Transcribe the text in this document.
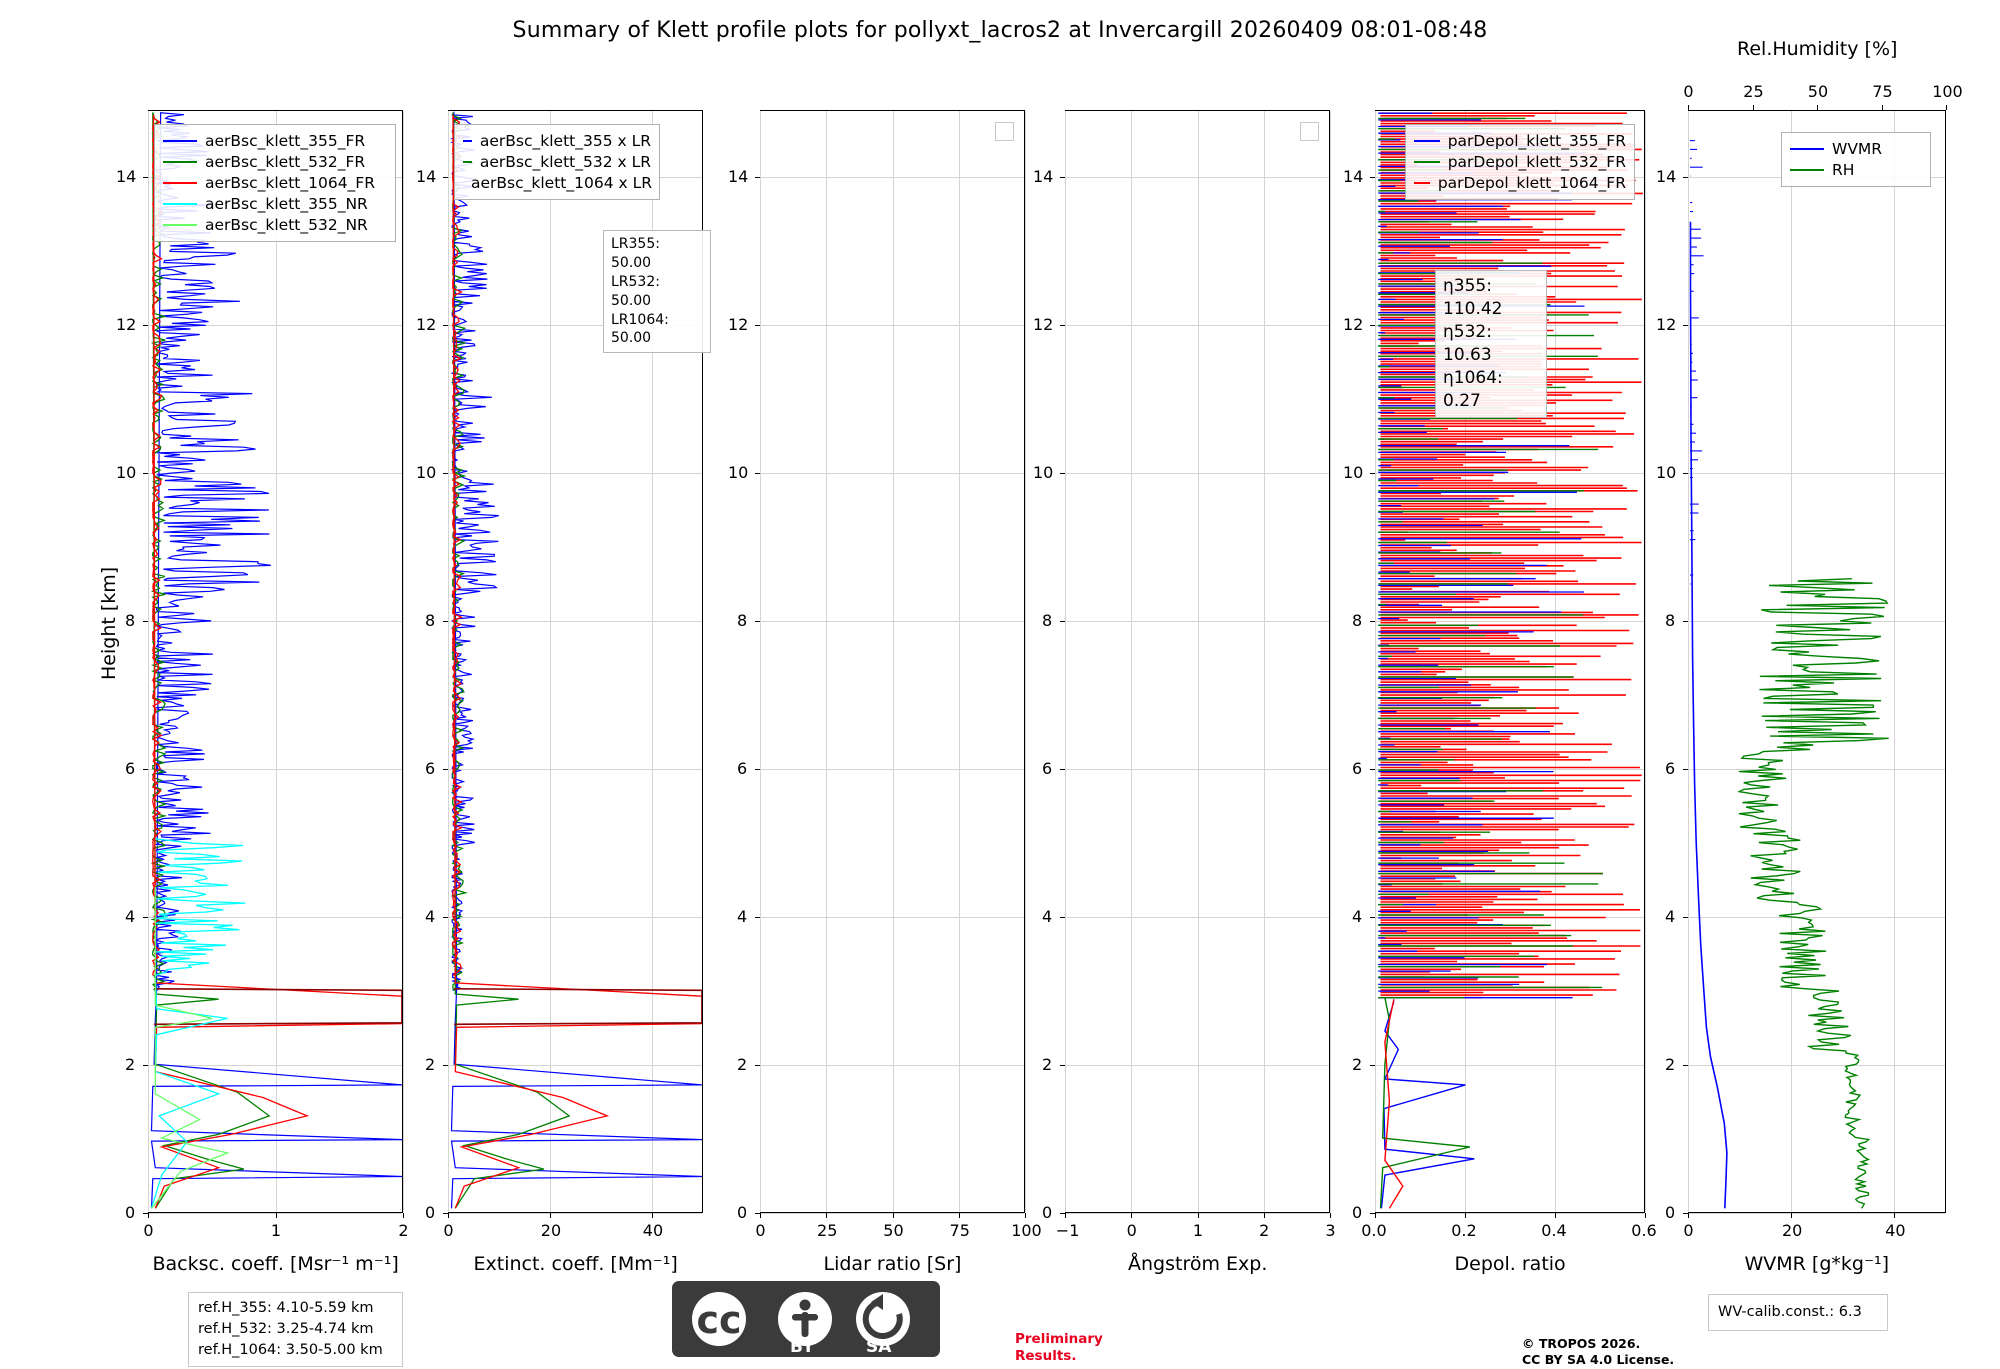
Summary of Klett profile plots for pollyxt_lacros2 at Invercargill 20260409 08:01-08:48
Height [km]
0
2
4
6
8
10
12
14
0	1	2
Backsc. coeff. [Msr⁻¹ m⁻¹]
aerBsc_klett_355_FR
aerBsc_klett_532_FR
aerBsc_klett_1064_FR
aerBsc_klett_355_NR
aerBsc_klett_532_NR
0
2
4
6
8
10
12
14
0	20	40
Extinct. coeff. [Mm⁻¹]
aerBsc_klett_355 x LR
aerBsc_klett_532 x LR
aerBsc_klett_1064 x LR
LR355: 50.00
LR532: 50.00
LR1064: 50.00
0
2
4
6
8
10
12
14
0	25	50	75	100
Lidar ratio [Sr]
0
2
4
6
8
10
12
14
−1	0	1	2	3
Ångström Exp.
0
2
4
6
8
10
12
14
0.0	0.2	0.4	0.6
Depol. ratio
parDepol_klett_355_FR
parDepol_klett_532_FR
parDepol_klett_1064_FR
η355: 110.42
η532: 10.63
η1064: 0.27
0
2
4
6
8
10
12
14
0	20	40
WVMR [g*kg⁻¹]
Rel.Humidity [%]
0	25	50	75 100
WVMR
RH
ref.H_355: 4.10-5.59 km
ref.H_532: 3.25-4.74 km
ref.H_1064: 3.50-5.00 km
WV-calib.const.: 6.3
Preliminary
Results.
© TROPOS 2026.
CC BY SA 4.0 License.
cc
BY	SA
